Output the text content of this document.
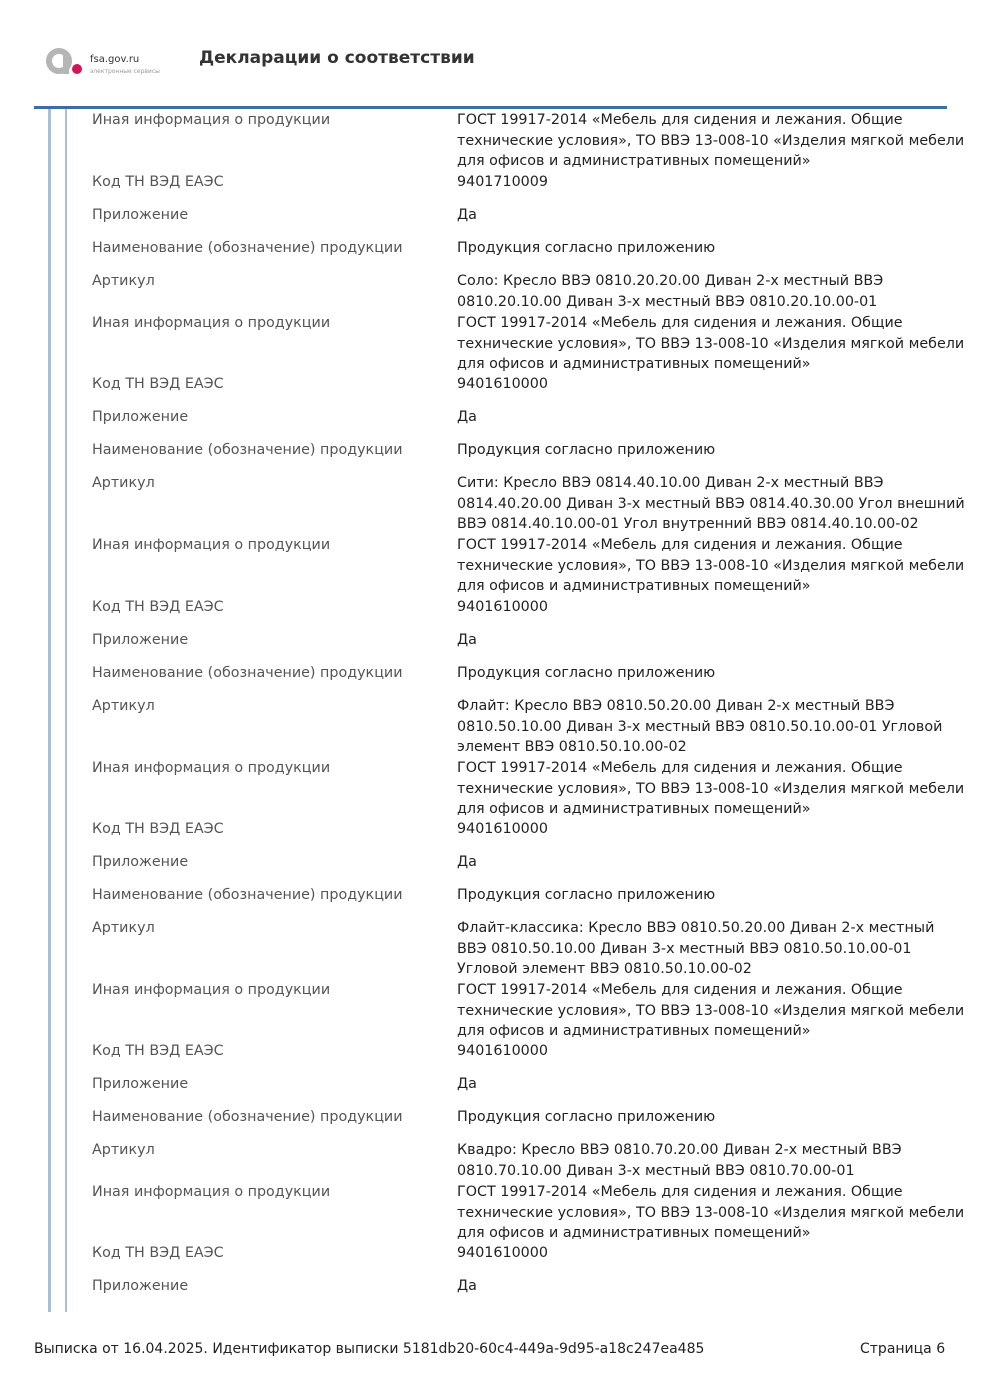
fsa.gov.ru
электронные сервисы
Декларации о соответствии
Иная информация о продукции	ГОСТ 19917-2014 «Мебель для сидения и лежания. Общие технические условия», ТО ВВЭ 13-008-10 «Изделия мягкой мебели для офисов и административных помещений»
Код ТН ВЭД ЕАЭС	9401710009
Приложение	Да
Наименование (обозначение) продукции	Продукция согласно приложению
Артикул	Соло: Кресло ВВЭ 0810.20.20.00 Диван 2-х местный ВВЭ 0810.20.10.00 Диван 3-х местный ВВЭ 0810.20.10.00-01
Иная информация о продукции	ГОСТ 19917-2014 «Мебель для сидения и лежания. Общие технические условия», ТО ВВЭ 13-008-10 «Изделия мягкой мебели для офисов и административных помещений»
Код ТН ВЭД ЕАЭС	9401610000
Приложение	Да
Наименование (обозначение) продукции	Продукция согласно приложению
Артикул	Сити: Кресло ВВЭ 0814.40.10.00 Диван 2-х местный ВВЭ 0814.40.20.00 Диван 3-х местный ВВЭ 0814.40.30.00 Угол внешний ВВЭ 0814.40.10.00-01 Угол внутренний ВВЭ 0814.40.10.00-02
Иная информация о продукции	ГОСТ 19917-2014 «Мебель для сидения и лежания. Общие технические условия», ТО ВВЭ 13-008-10 «Изделия мягкой мебели для офисов и административных помещений»
Код ТН ВЭД ЕАЭС	9401610000
Приложение	Да
Наименование (обозначение) продукции	Продукция согласно приложению
Артикул	Флайт: Кресло ВВЭ 0810.50.20.00 Диван 2-х местный ВВЭ 0810.50.10.00 Диван 3-х местный ВВЭ 0810.50.10.00-01 Угловой элемент ВВЭ 0810.50.10.00-02
Иная информация о продукции	ГОСТ 19917-2014 «Мебель для сидения и лежания. Общие технические условия», ТО ВВЭ 13-008-10 «Изделия мягкой мебели для офисов и административных помещений»
Код ТН ВЭД ЕАЭС	9401610000
Приложение	Да
Наименование (обозначение) продукции	Продукция согласно приложению
Артикул	Флайт-классика: Кресло ВВЭ 0810.50.20.00 Диван 2-х местный ВВЭ 0810.50.10.00 Диван 3-х местный ВВЭ 0810.50.10.00-01 Угловой элемент ВВЭ 0810.50.10.00-02
Иная информация о продукции	ГОСТ 19917-2014 «Мебель для сидения и лежания. Общие технические условия», ТО ВВЭ 13-008-10 «Изделия мягкой мебели для офисов и административных помещений»
Код ТН ВЭД ЕАЭС	9401610000
Приложение	Да
Наименование (обозначение) продукции	Продукция согласно приложению
Артикул	Квадро: Кресло ВВЭ 0810.70.20.00 Диван 2-х местный ВВЭ 0810.70.10.00 Диван 3-х местный ВВЭ 0810.70.00-01
Иная информация о продукции	ГОСТ 19917-2014 «Мебель для сидения и лежания. Общие технические условия», ТО ВВЭ 13-008-10 «Изделия мягкой мебели для офисов и административных помещений»
Код ТН ВЭД ЕАЭС	9401610000
Приложение	Да
Выписка от 16.04.2025. Идентификатор выписки 5181db20-60c4-449a-9d95-a18c247ea485	Страница 6
